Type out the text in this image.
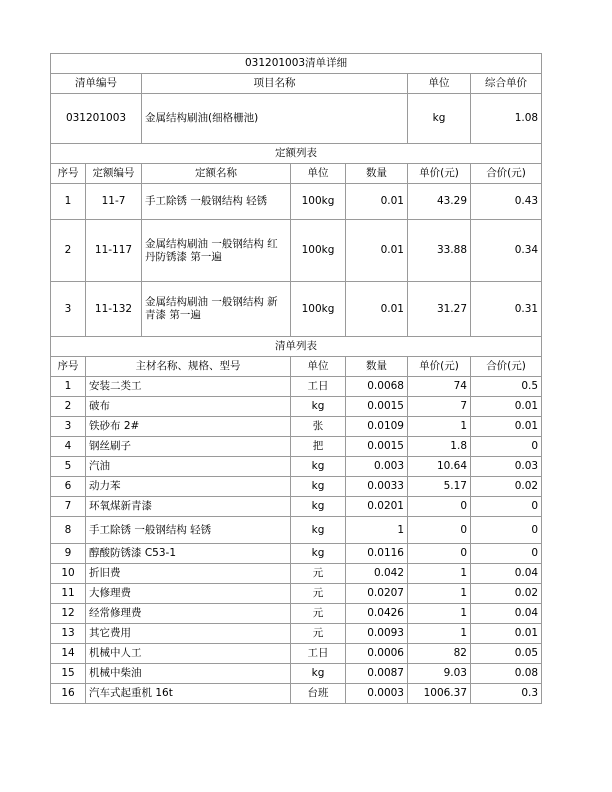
031201003清单详细						
清单编号		项目名称			单位	综合单价
031201003		金属结构刷油(细格栅池)			kg	1.08
定额列表						
序号	定额编号	定额名称	单位	数量	单价(元)	合价(元)
1	11-7	手工除锈 一般钢结构 轻锈	100kg	0.01	43.29	0.43
2	11-117	金属结构刷油 一般钢结构 红丹防锈漆 第一遍	100kg	0.01	33.88	0.34
3	11-132	金属结构刷油 一般钢结构 新青漆 第一遍	100kg	0.01	31.27	0.31
清单列表						
序号	主材名称、规格、型号		单位	数量	单价(元)	合价(元)
1	安装二类工		工日	0.0068	74	0.5
2	破布		kg	0.0015	7	0.01
3	铁砂布 2#		张	0.0109	1	0.01
4	钢丝刷子		把	0.0015	1.8	0
5	汽油		kg	0.003	10.64	0.03
6	动力苯		kg	0.0033	5.17	0.02
7	环氧煤新青漆		kg	0.0201	0	0
8	手工除锈 一般钢结构 轻锈		kg	1	0	0
9	醇酸防锈漆 C53-1		kg	0.0116	0	0
10	折旧费		元	0.042	1	0.04
11	大修理费		元	0.0207	1	0.02
12	经常修理费		元	0.0426	1	0.04
13	其它费用		元	0.0093	1	0.01
14	机械中人工		工日	0.0006	82	0.05
15	机械中柴油		kg	0.0087	9.03	0.08
16	汽车式起重机 16t		台班	0.0003	1006.37	0.3
